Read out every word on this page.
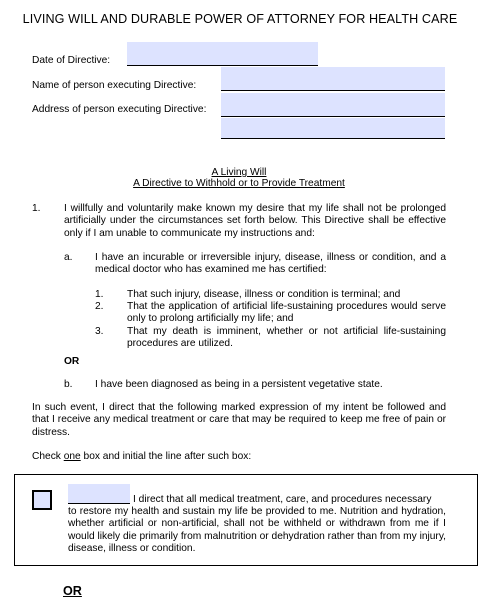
LIVING WILL AND DURABLE POWER OF ATTORNEY FOR HEALTH CARE
Date of Directive:
Name of person executing Directive:
Address of person executing Directive:
A Living Will
A Directive to Withhold or to Provide Treatment
1. I willfully and voluntarily make known my desire that my life shall not be prolonged artificially under the circumstances set forth below. This Directive shall be effective only if I am unable to communicate my instructions and:
a. I have an incurable or irreversible injury, disease, illness or condition, and a medical doctor who has examined me has certified:
1. That such injury, disease, illness or condition is terminal; and
2. That the application of artificial life-sustaining procedures would serve only to prolong artificially my life; and
3. That my death is imminent, whether or not artificial life-sustaining procedures are utilized.
OR
b. I have been diagnosed as being in a persistent vegetative state.
In such event, I direct that the following marked expression of my intent be followed and that I receive any medical treatment or care that may be required to keep me free of pain or distress.
Check one box and initial the line after such box:
I direct that all medical treatment, care, and procedures necessary
to restore my health and sustain my life be provided to me. Nutrition and hydration, whether artificial or non-artificial, shall not be withheld or withdrawn from me if I would likely die primarily from malnutrition or dehydration rather than from my injury, disease, illness or condition.
OR
